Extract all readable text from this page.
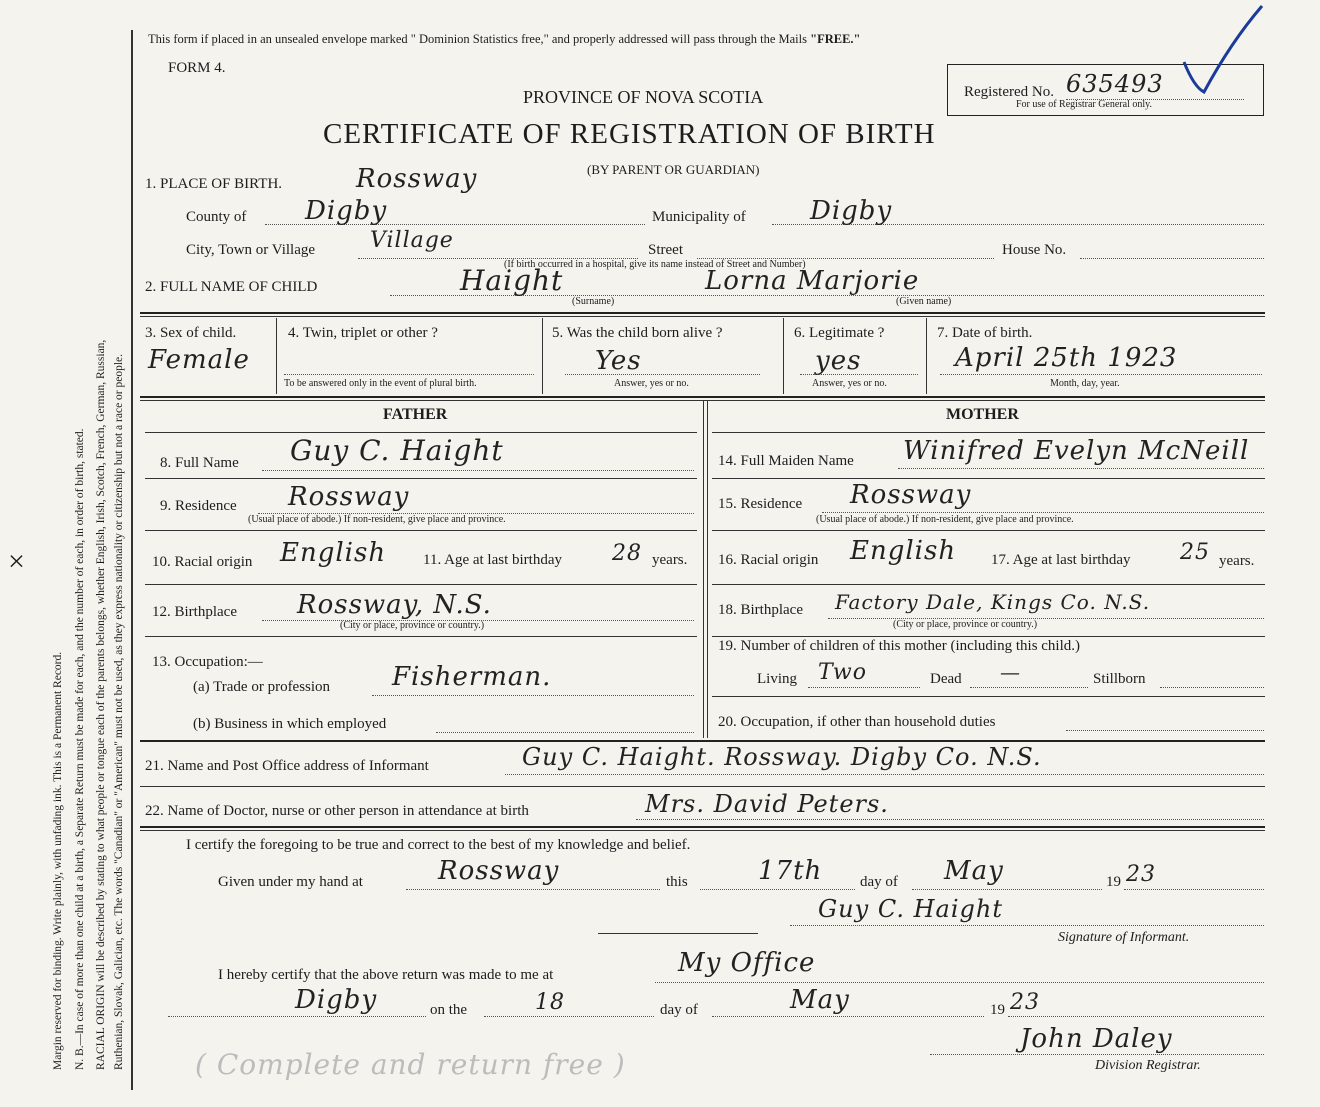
Margin reserved for binding. Write plainly, with unfading ink. This is a Permanent Record. N. B.—In case of more than one child at a birth, a Separate Return must be made for each, and the number of each, in order of birth, stated. RACIAL ORIGIN will be described by stating to what people or tongue each of the parents belongs, whether English, Irish, Scotch, French, German, Russian, Ruthenian, Slovak, Galician, etc. The words "Canadian" or "American" must not be used, as they express nationality or citizenship but not a race or people.
×
This form if placed in an unsealed envelope marked " Dominion Statistics free," and properly addressed will pass through the Mails "FREE."
FORM 4.
PROVINCE OF NOVA SCOTIA
CERTIFICATE OF REGISTRATION OF BIRTH
(BY PARENT OR GUARDIAN)
Registered No. 635493
For use of Registrar General only.
1. PLACE OF BIRTH.	Rossway
County of Digby	Municipality of Digby
City, Town or Village Village	Street	House No.
(If birth occurred in a hospital, give its name instead of Street and Number)
2. FULL NAME OF CHILD	Haight
(Surname)
Lorna Marjorie
(Given name)
3. Sex of child.
Female
4. Twin, triplet or other ?
To be answered only in the event of plural birth.
5. Was the child born alive ?
Yes
Answer, yes or no.
6. Legitimate ?
yes
Answer, yes or no.
7. Date of birth.
April 25th 1923
Month, day, year.
FATHER	MOTHER
8. Full Name Guy C. Haight
9. Residence Rossway
(Usual place of abode.) If non-resident, give place and province.
10. Racial origin English 11. Age at last birthday 28 years.
12. Birthplace Rossway, N.S.
(City or place, province or country.)
13. Occupation:—
(a) Trade or profession Fisherman.
(b) Business in which employed
14. Full Maiden Name Winifred Evelyn McNeill
15. Residence Rossway
(Usual place of abode.) If non-resident, give place and province.
16. Racial origin English 17. Age at last birthday 25 years.
18. Birthplace Factory Dale, Kings Co. N.S.
(City or place, province or country.)
19. Number of children of this mother (including this child.)
Living Two	Dead —	Stillborn
20. Occupation, if other than household duties
21. Name and Post Office address of Informant	Guy C. Haight. Rossway. Digby Co. N.S.
22. Name of Doctor, nurse or other person in attendance at birth	Mrs. David Peters.
I certify the foregoing to be true and correct to the best of my knowledge and belief.
Given under my hand at	Rossway	this	17th	day of May	19 23
Guy C. Haight
Signature of Informant.
I hereby certify that the above return was made to me at	My Office
Digby	on the	18	day of	May	19 23
John Daley
Division Registrar.
( Complete and return free )
